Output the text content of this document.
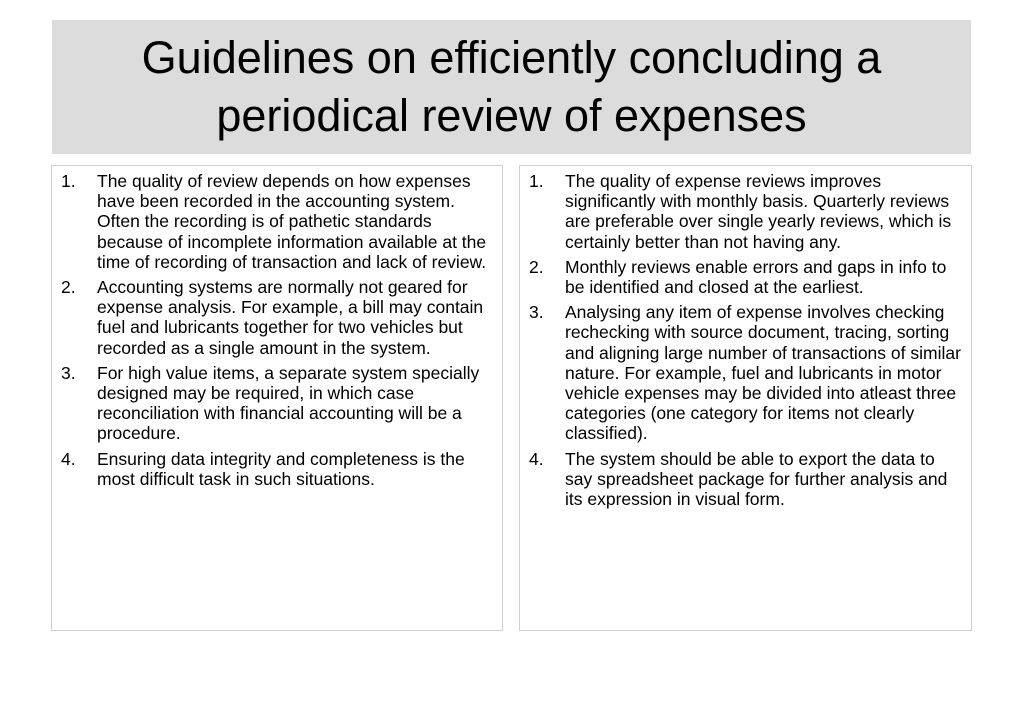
Guidelines on efficiently concluding a periodical review of expenses
1.	The quality of review depends on how expenses have been recorded in the accounting system. Often the recording is of pathetic standards because of incomplete information available at the time of recording of transaction and lack of review.
2.	Accounting systems are normally not geared for expense analysis. For example, a bill may contain fuel and lubricants together for two vehicles but recorded as a single amount in the system.
3.	For high value items, a separate system specially designed may be required, in which case reconciliation with financial accounting will be a procedure.
4.	Ensuring data integrity and completeness is the most difficult task in such situations.
1.	The quality of expense reviews improves significantly with monthly basis. Quarterly reviews are preferable over single yearly reviews, which is certainly better than not having any.
2.	Monthly reviews enable errors and gaps in info to be identified and closed at the earliest.
3.	Analysing any item of expense involves checking rechecking with source document, tracing, sorting and aligning large number of transactions of similar nature. For example, fuel and lubricants in motor vehicle expenses may be divided into atleast three categories (one category for items not clearly classified).
4.	The system should be able to export the data to say spreadsheet package for further analysis and its expression in visual form.
